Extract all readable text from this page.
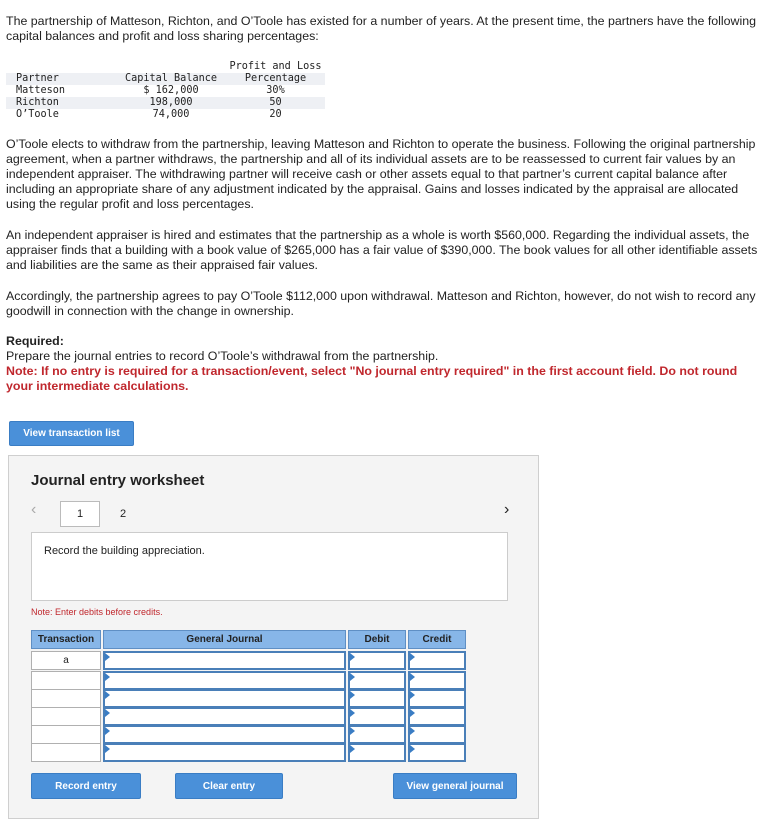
The partnership of Matteson, Richton, and O’Toole has existed for a number of years. At the present time, the partners have the following capital balances and profit and loss sharing percentages:
Profit and Loss
Partner	Capital Balance	Percentage
Matteson	$ 162,000	30%
Richton	198,000	50
O’Toole	74,000	20
O’Toole elects to withdraw from the partnership, leaving Matteson and Richton to operate the business. Following the original partnership agreement, when a partner withdraws, the partnership and all of its individual assets are to be reassessed to current fair values by an independent appraiser. The withdrawing partner will receive cash or other assets equal to that partner’s current capital balance after including an appropriate share of any adjustment indicated by the appraisal. Gains and losses indicated by the appraisal are allocated using the regular profit and loss percentages.
An independent appraiser is hired and estimates that the partnership as a whole is worth $560,000. Regarding the individual assets, the appraiser finds that a building with a book value of $265,000 has a fair value of $390,000. The book values for all other identifiable assets and liabilities are the same as their appraised fair values.
Accordingly, the partnership agrees to pay O’Toole $112,000 upon withdrawal. Matteson and Richton, however, do not wish to record any goodwill in connection with the change in ownership.
Required:
Prepare the journal entries to record O’Toole’s withdrawal from the partnership.
Note: If no entry is required for a transaction/event, select "No journal entry required" in the first account field. Do not round your intermediate calculations.
View transaction list
Journal entry worksheet
‹	1	2	›
Record the building appreciation.
Note: Enter debits before credits.
Transaction	General Journal	Debit	Credit
a
Record entry	Clear entry	View general journal
